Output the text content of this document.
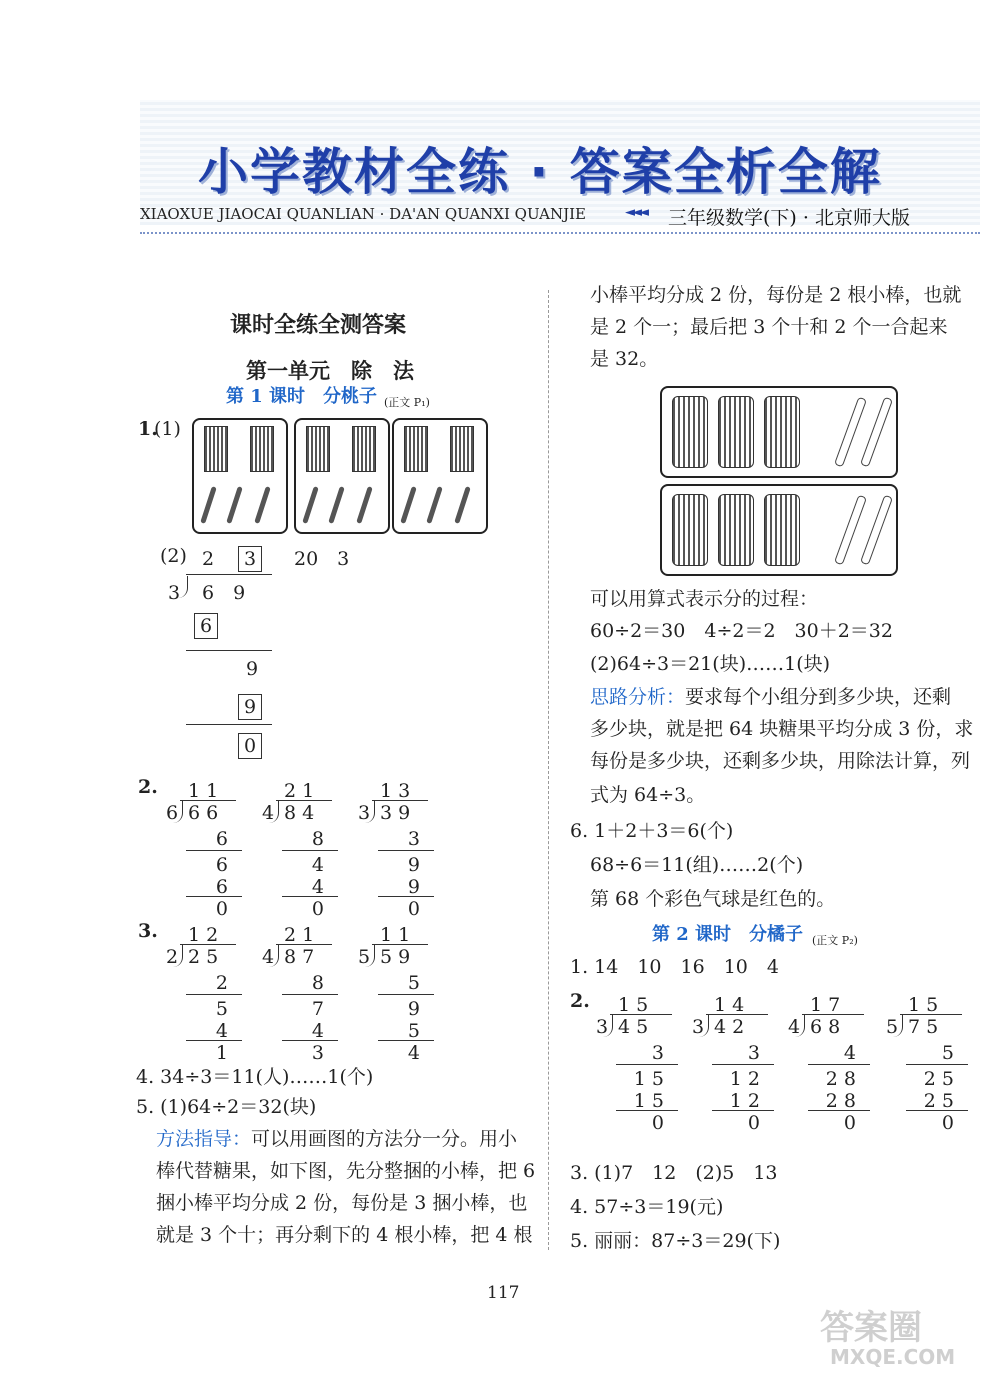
小学教材全练 · 答案全析全解
XIAOXUE JIAOCAI QUANLIAN · DA'AN QUANXI QUANJIE	◄◄◄ 三年级数学(下) · 北京师大版
课时全练全测答案
第一单元　除　法
第 1 课时　分桃子 (正文 P₁)
1.
(1)
(2) 2	3	20　3
3 6　9
6
9
9
0
2. 1 1
6 6 6
6
6
6
0
2 1
4 8 4
8
4
4
0
1 3
3 3 9
3
9
9
0
3. 1 2
2 2 5
2
5
4
1
2 1
4 8 7
8
7
4
3
1 1
5 5 9
5
9
5
4
4. 34÷3＝11(人)……1(个)
5. (1)64÷2＝32(块)
方法指导：可以用画图的方法分一分。用小
棒代替糖果，如下图，先分整捆的小棒，把 6
捆小棒平均分成 2 份，每份是 3 捆小棒，也
就是 3 个十；再分剩下的 4 根小棒，把 4 根
小棒平均分成 2 份，每份是 2 根小棒，也就
是 2 个一；最后把 3 个十和 2 个一合起来
是 32。
可以用算式表示分的过程：
60÷2＝30　4÷2＝2　30＋2＝32
(2)64÷3＝21(块)……1(块)
思路分析：要求每个小组分到多少块，还剩
多少块，就是把 64 块糖果平均分成 3 份，求
每份是多少块，还剩多少块，用除法计算，列
式为 64÷3。
6. 1＋2＋3＝6(个)
68÷6＝11(组)……2(个)
第 68 个彩色气球是红色的。
第 2 课时　分橘子 (正文 P₂)
1. 14　10　16　10　4
2. 1 5
3 4 5
3
1 5
1 5
0
1 4
3 4 2
3
1 2
1 2
0
1 7
4 6 8
4
2 8
2 8
0
1 5
5 7 5
5
2 5
2 5
0
3. (1)7　12　(2)5　13
4. 57÷3＝19(元)
5. 丽丽：87÷3＝29(下)
117
答案圈
MXQE.COM
